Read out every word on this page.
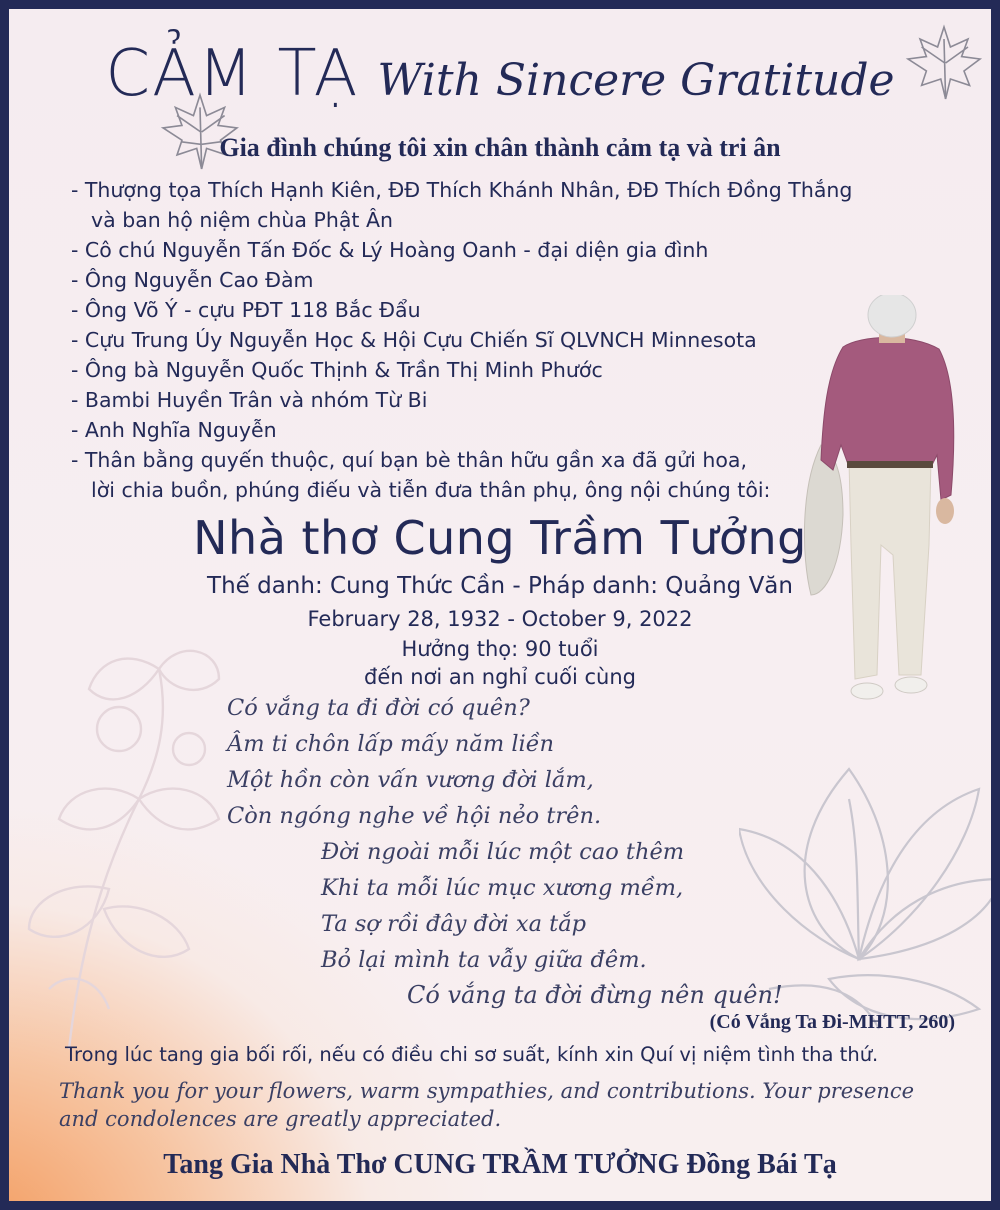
CẢM TẠ With Sincere Gratitude
Gia đình chúng tôi xin chân thành cảm tạ và tri ân
- Thượng tọa Thích Hạnh Kiên, ĐĐ Thích Khánh Nhân, ĐĐ Thích Đồng Thắng
và ban hộ niệm chùa Phật Ân
- Cô chú Nguyễn Tấn Đốc & Lý Hoàng Oanh - đại diện gia đình
- Ông Nguyễn Cao Đàm
- Ông Võ Ý - cựu PĐT 118 Bắc Đẩu
- Cựu Trung Úy Nguyễn Học & Hội Cựu Chiến Sĩ QLVNCH Minnesota
- Ông bà Nguyễn Quốc Thịnh & Trần Thị Minh Phước
- Bambi Huyền Trân và nhóm Từ Bi
- Anh Nghĩa Nguyễn
- Thân bằng quyến thuộc, quí bạn bè thân hữu gần xa đã gửi hoa,
lời chia buồn, phúng điếu và tiễn đưa thân phụ, ông nội chúng tôi:
Nhà thơ Cung Trầm Tưởng
Thế danh: Cung Thức Cần - Pháp danh: Quảng Văn
February 28, 1932 - October 9, 2022
Hưởng thọ: 90 tuổi
đến nơi an nghỉ cuối cùng
Có vắng ta đi đời có quên?
Âm ti chôn lấp mấy năm liền
Một hồn còn vấn vương đời lắm,
Còn ngóng nghe về hội nẻo trên.
Đời ngoài mỗi lúc một cao thêm
Khi ta mỗi lúc mục xương mềm,
Ta sợ rồi đây đời xa tắp
Bỏ lại mình ta vẫy giữa đêm.
Có vắng ta đời đừng nên quên!
(Có Vắng Ta Đi-MHTT, 260)
Trong lúc tang gia bối rối, nếu có điều chi sơ suất, kính xin Quí vị niệm tình tha thứ.
Thank you for your flowers, warm sympathies, and contributions. Your presence and condolences are greatly appreciated.
Tang Gia Nhà Thơ CUNG TRẦM TƯỞNG Đồng Bái Tạ
